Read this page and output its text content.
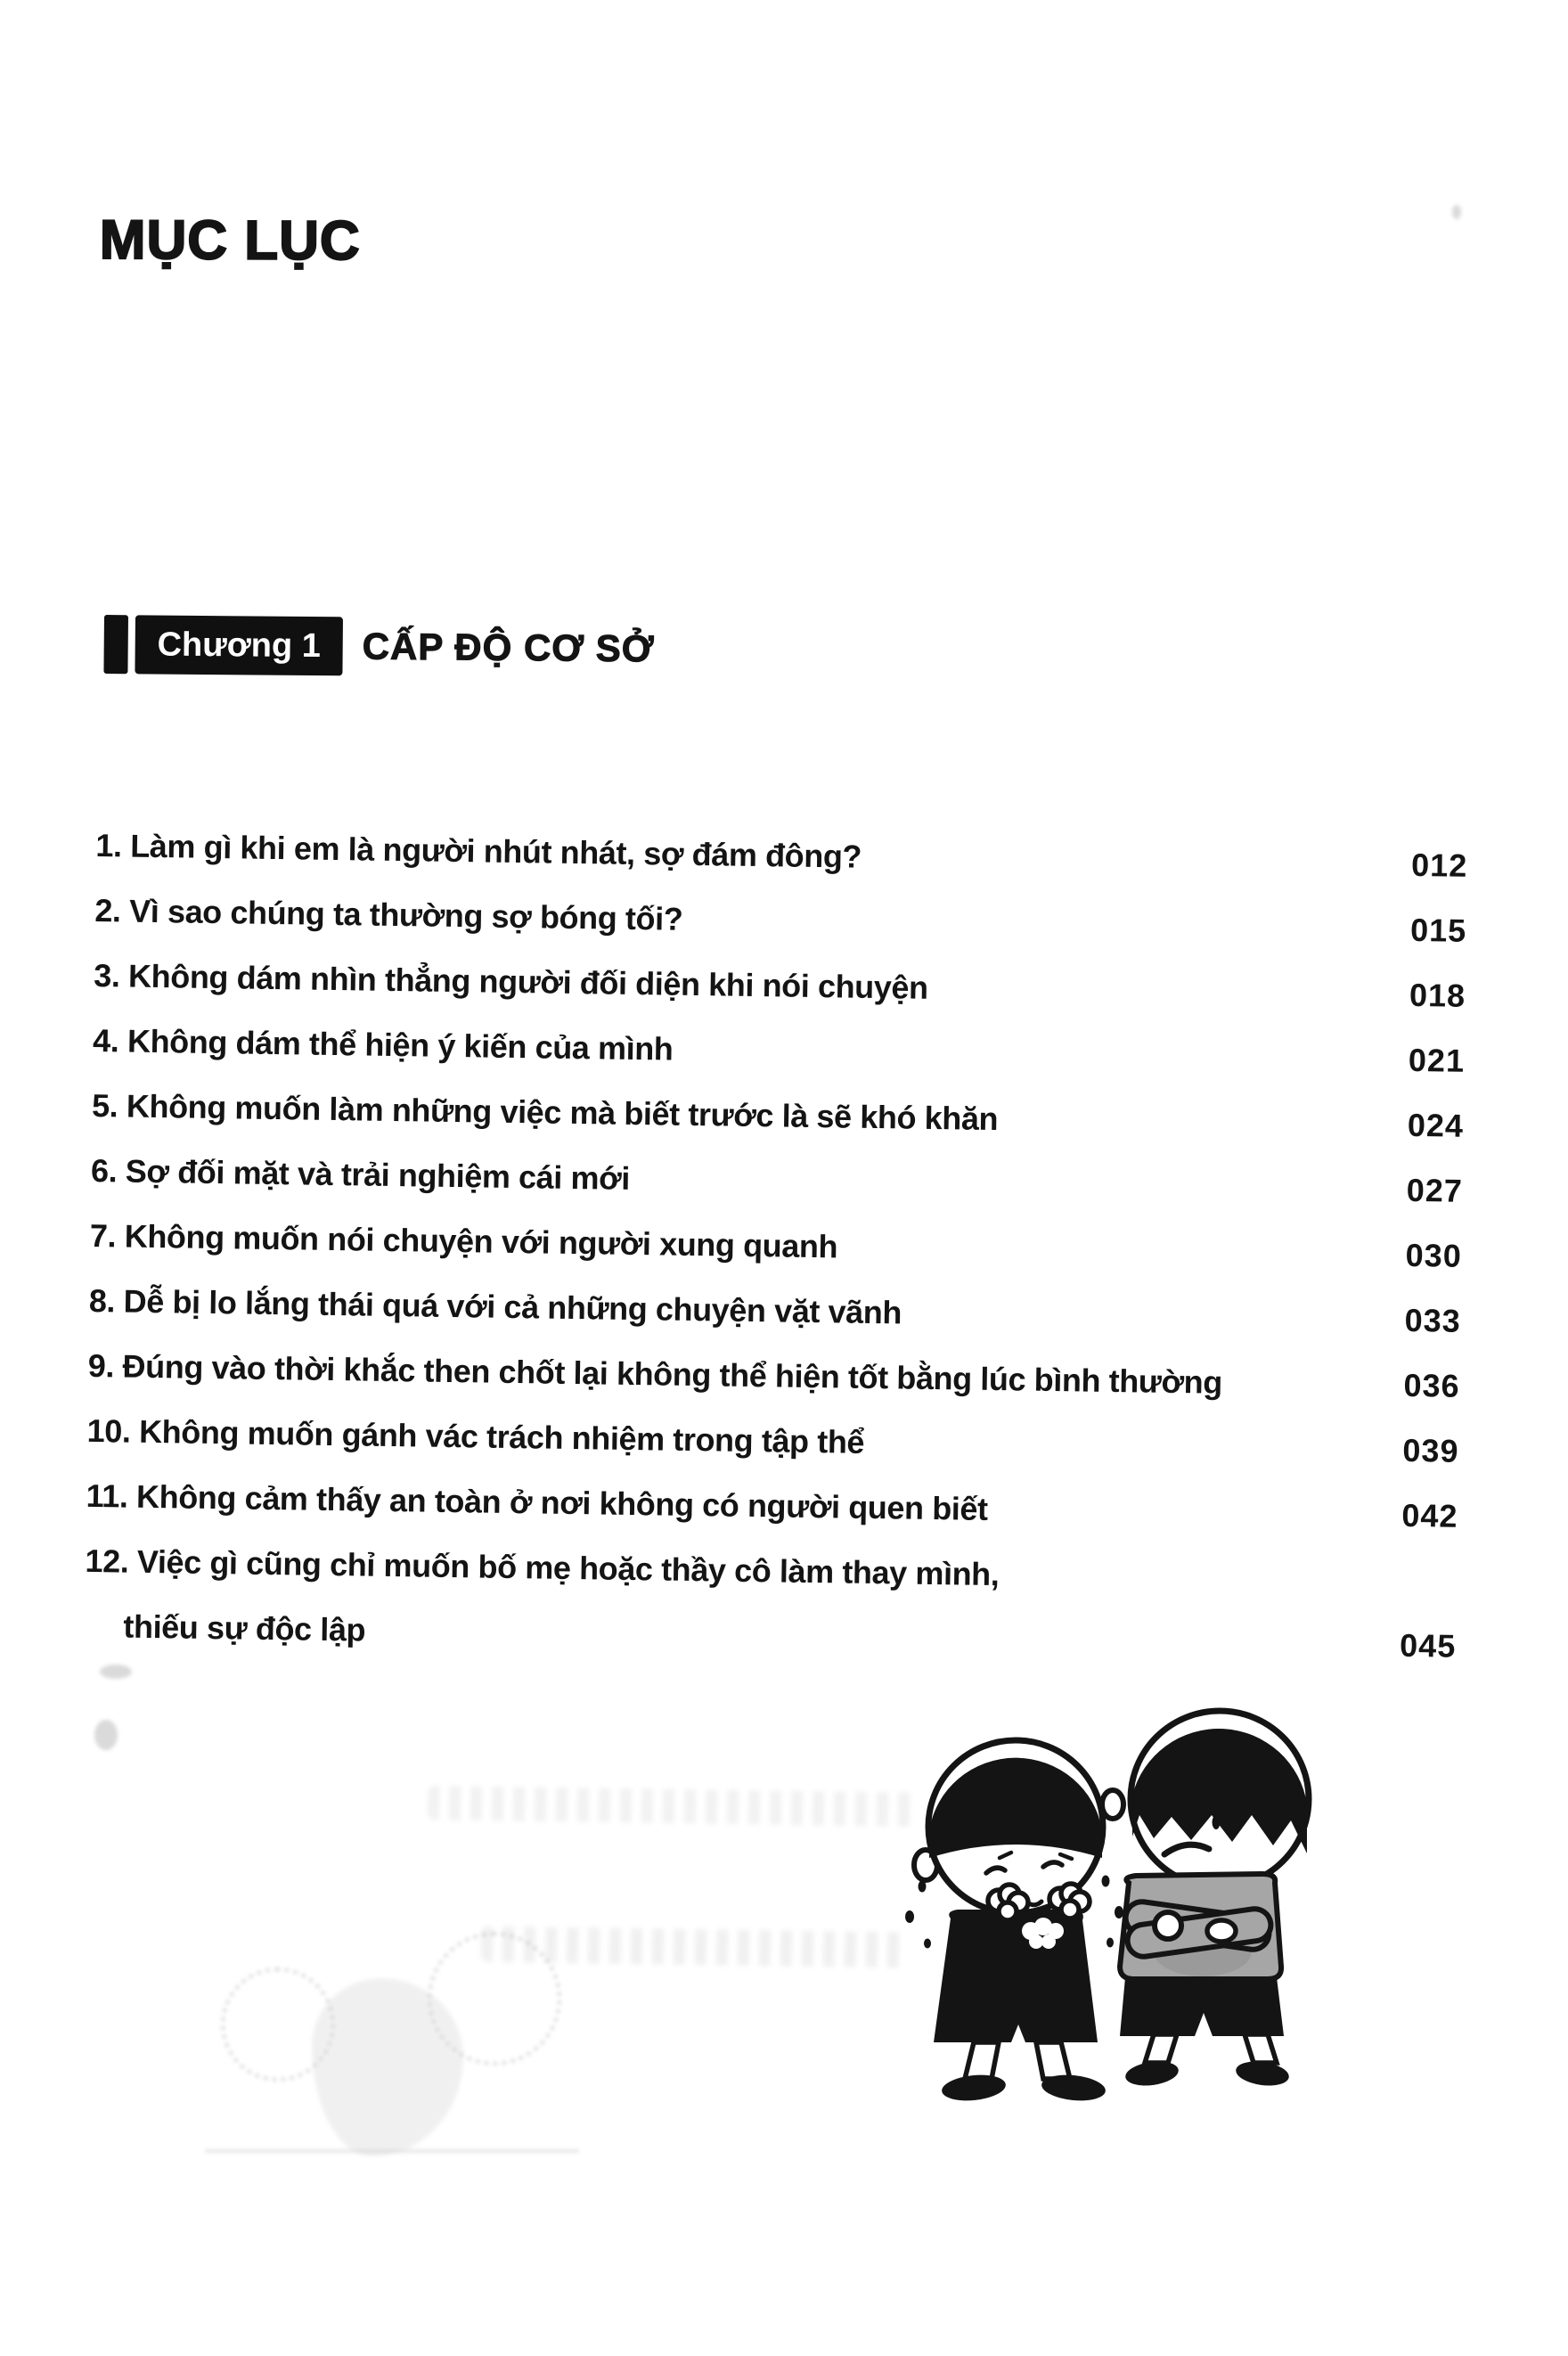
MỤC LỤC
Chương 1	CẤP ĐỘ CƠ SỞ
1. Làm gì khi em là người nhút nhát, sợ đám đông?	012
2. Vì sao chúng ta thường sợ bóng tối?	015
3. Không dám nhìn thẳng người đối diện khi nói chuyện	018
4. Không dám thể hiện ý kiến của mình	021
5. Không muốn làm những việc mà biết trước là sẽ khó khăn	024
6. Sợ đối mặt và trải nghiệm cái mới	027
7. Không muốn nói chuyện với người xung quanh	030
8. Dễ bị lo lắng thái quá với cả những chuyện vặt vãnh	033
9. Đúng vào thời khắc then chốt lại không thể hiện tốt bằng lúc bình thường	036
10. Không muốn gánh vác trách nhiệm trong tập thể	039
11. Không cảm thấy an toàn ở nơi không có người quen biết	042
12. Việc gì cũng chỉ muốn bố mẹ hoặc thầy cô làm thay mình,
thiếu sự độc lập	045
